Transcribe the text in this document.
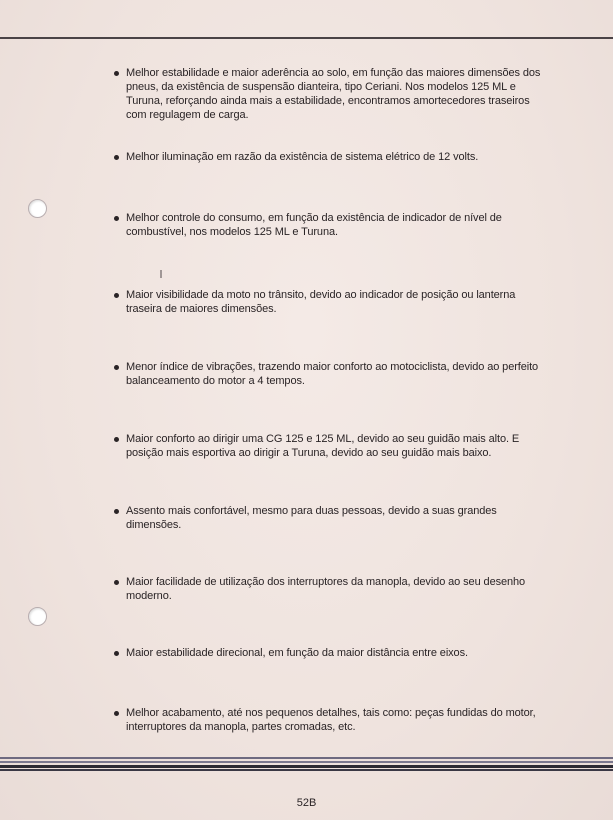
Melhor estabilidade e maior aderência ao solo, em função das maiores dimensões dos pneus, da existência de suspensão dianteira, tipo Ceriani. Nos modelos 125 ML e Turuna, reforçando ainda mais a estabilidade, encontramos amortecedores traseiros com regulagem de carga.
Melhor iluminação em razão da existência de sistema elétrico de 12 volts.
Melhor controle do consumo, em função da existência de indicador de nível de combustível, nos modelos 125 ML e Turuna.
Maior visibilidade da moto no trânsito, devido ao indicador de posição ou lanterna traseira de maiores dimensões.
Menor índice de vibrações, trazendo maior conforto ao motociclista, devido ao perfeito balanceamento do motor a 4 tempos.
Maior conforto ao dirigir uma CG 125 e 125 ML, devido ao seu guidão mais alto. E posição mais esportiva ao dirigir a Turuna, devido ao seu guidão mais baixo.
Assento mais confortável, mesmo para duas pessoas, devido a suas grandes dimensões.
Maior facilidade de utilização dos interruptores da manopla, devido ao seu desenho moderno.
Maior estabilidade direcional, em função da maior distância entre eixos.
Melhor acabamento, até nos pequenos detalhes, tais como: peças fundidas do motor, interruptores da manopla, partes cromadas, etc.
52B
